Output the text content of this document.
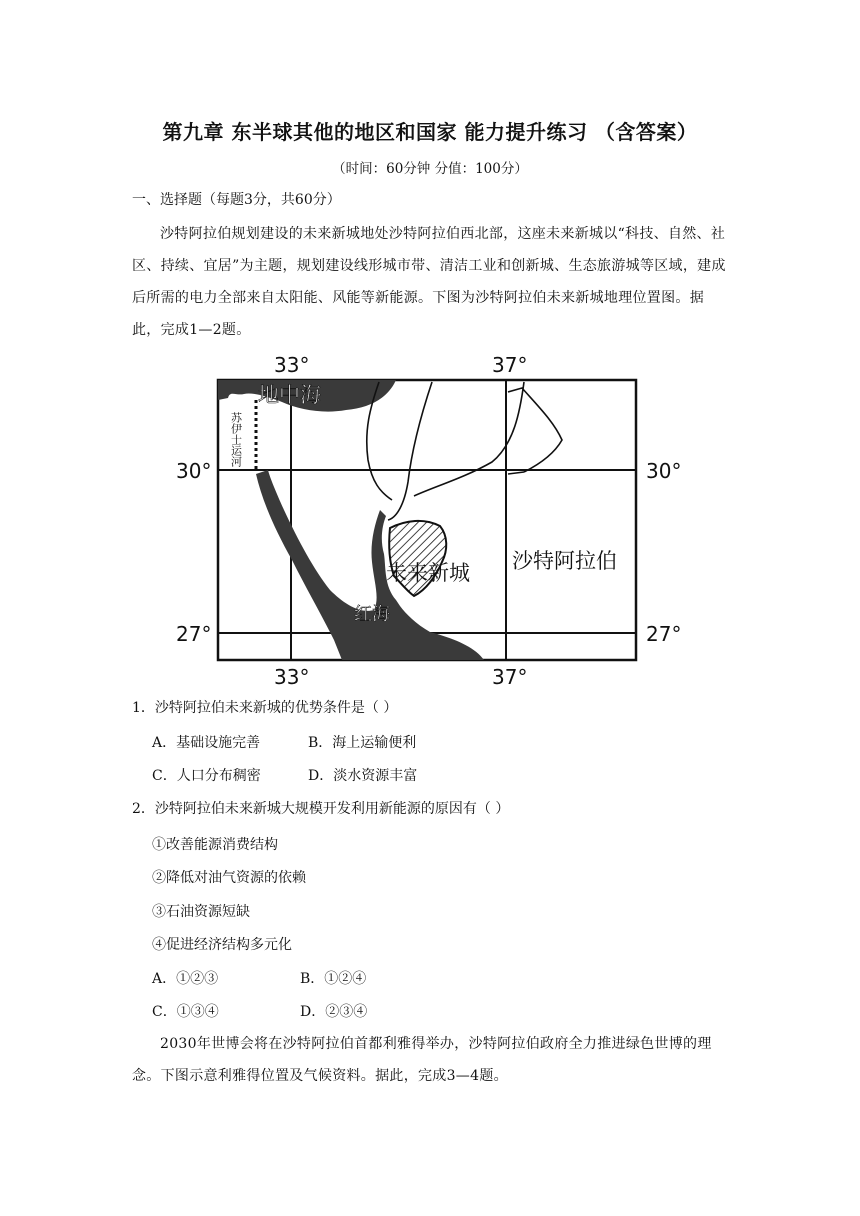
第九章 东半球其他的地区和国家 能力提升练习 （含答案）
（时间：60分钟 分值：100分）
一、选择题（每题3分，共60分）
沙特阿拉伯规划建设的未来新城地处沙特阿拉伯西北部，这座未来新城以“科技、自然、社区、持续、宜居”为主题，规划建设线形城市带、清洁工业和创新城、生态旅游城等区域，建成后所需的电力全部来自太阳能、风能等新能源。下图为沙特阿拉伯未来新城地理位置图。据此，完成1—2题。
33°	37°
33°	37°
30°	30°
27°	27°
地中海
苏伊士运河
红海
未来新城 沙特阿拉伯
1．沙特阿拉伯未来新城的优势条件是（ ）
A．基础设施完善	B．海上运输便利
C．人口分布稠密	D．淡水资源丰富
2．沙特阿拉伯未来新城大规模开发利用新能源的原因有（ ）
①改善能源消费结构
②降低对油气资源的依赖
③石油资源短缺
④促进经济结构多元化
A．①②③	B．①②④
C．①③④	D．②③④
2030年世博会将在沙特阿拉伯首都利雅得举办，沙特阿拉伯政府全力推进绿色世博的理念。下图示意利雅得位置及气候资料。据此，完成3—4题。
